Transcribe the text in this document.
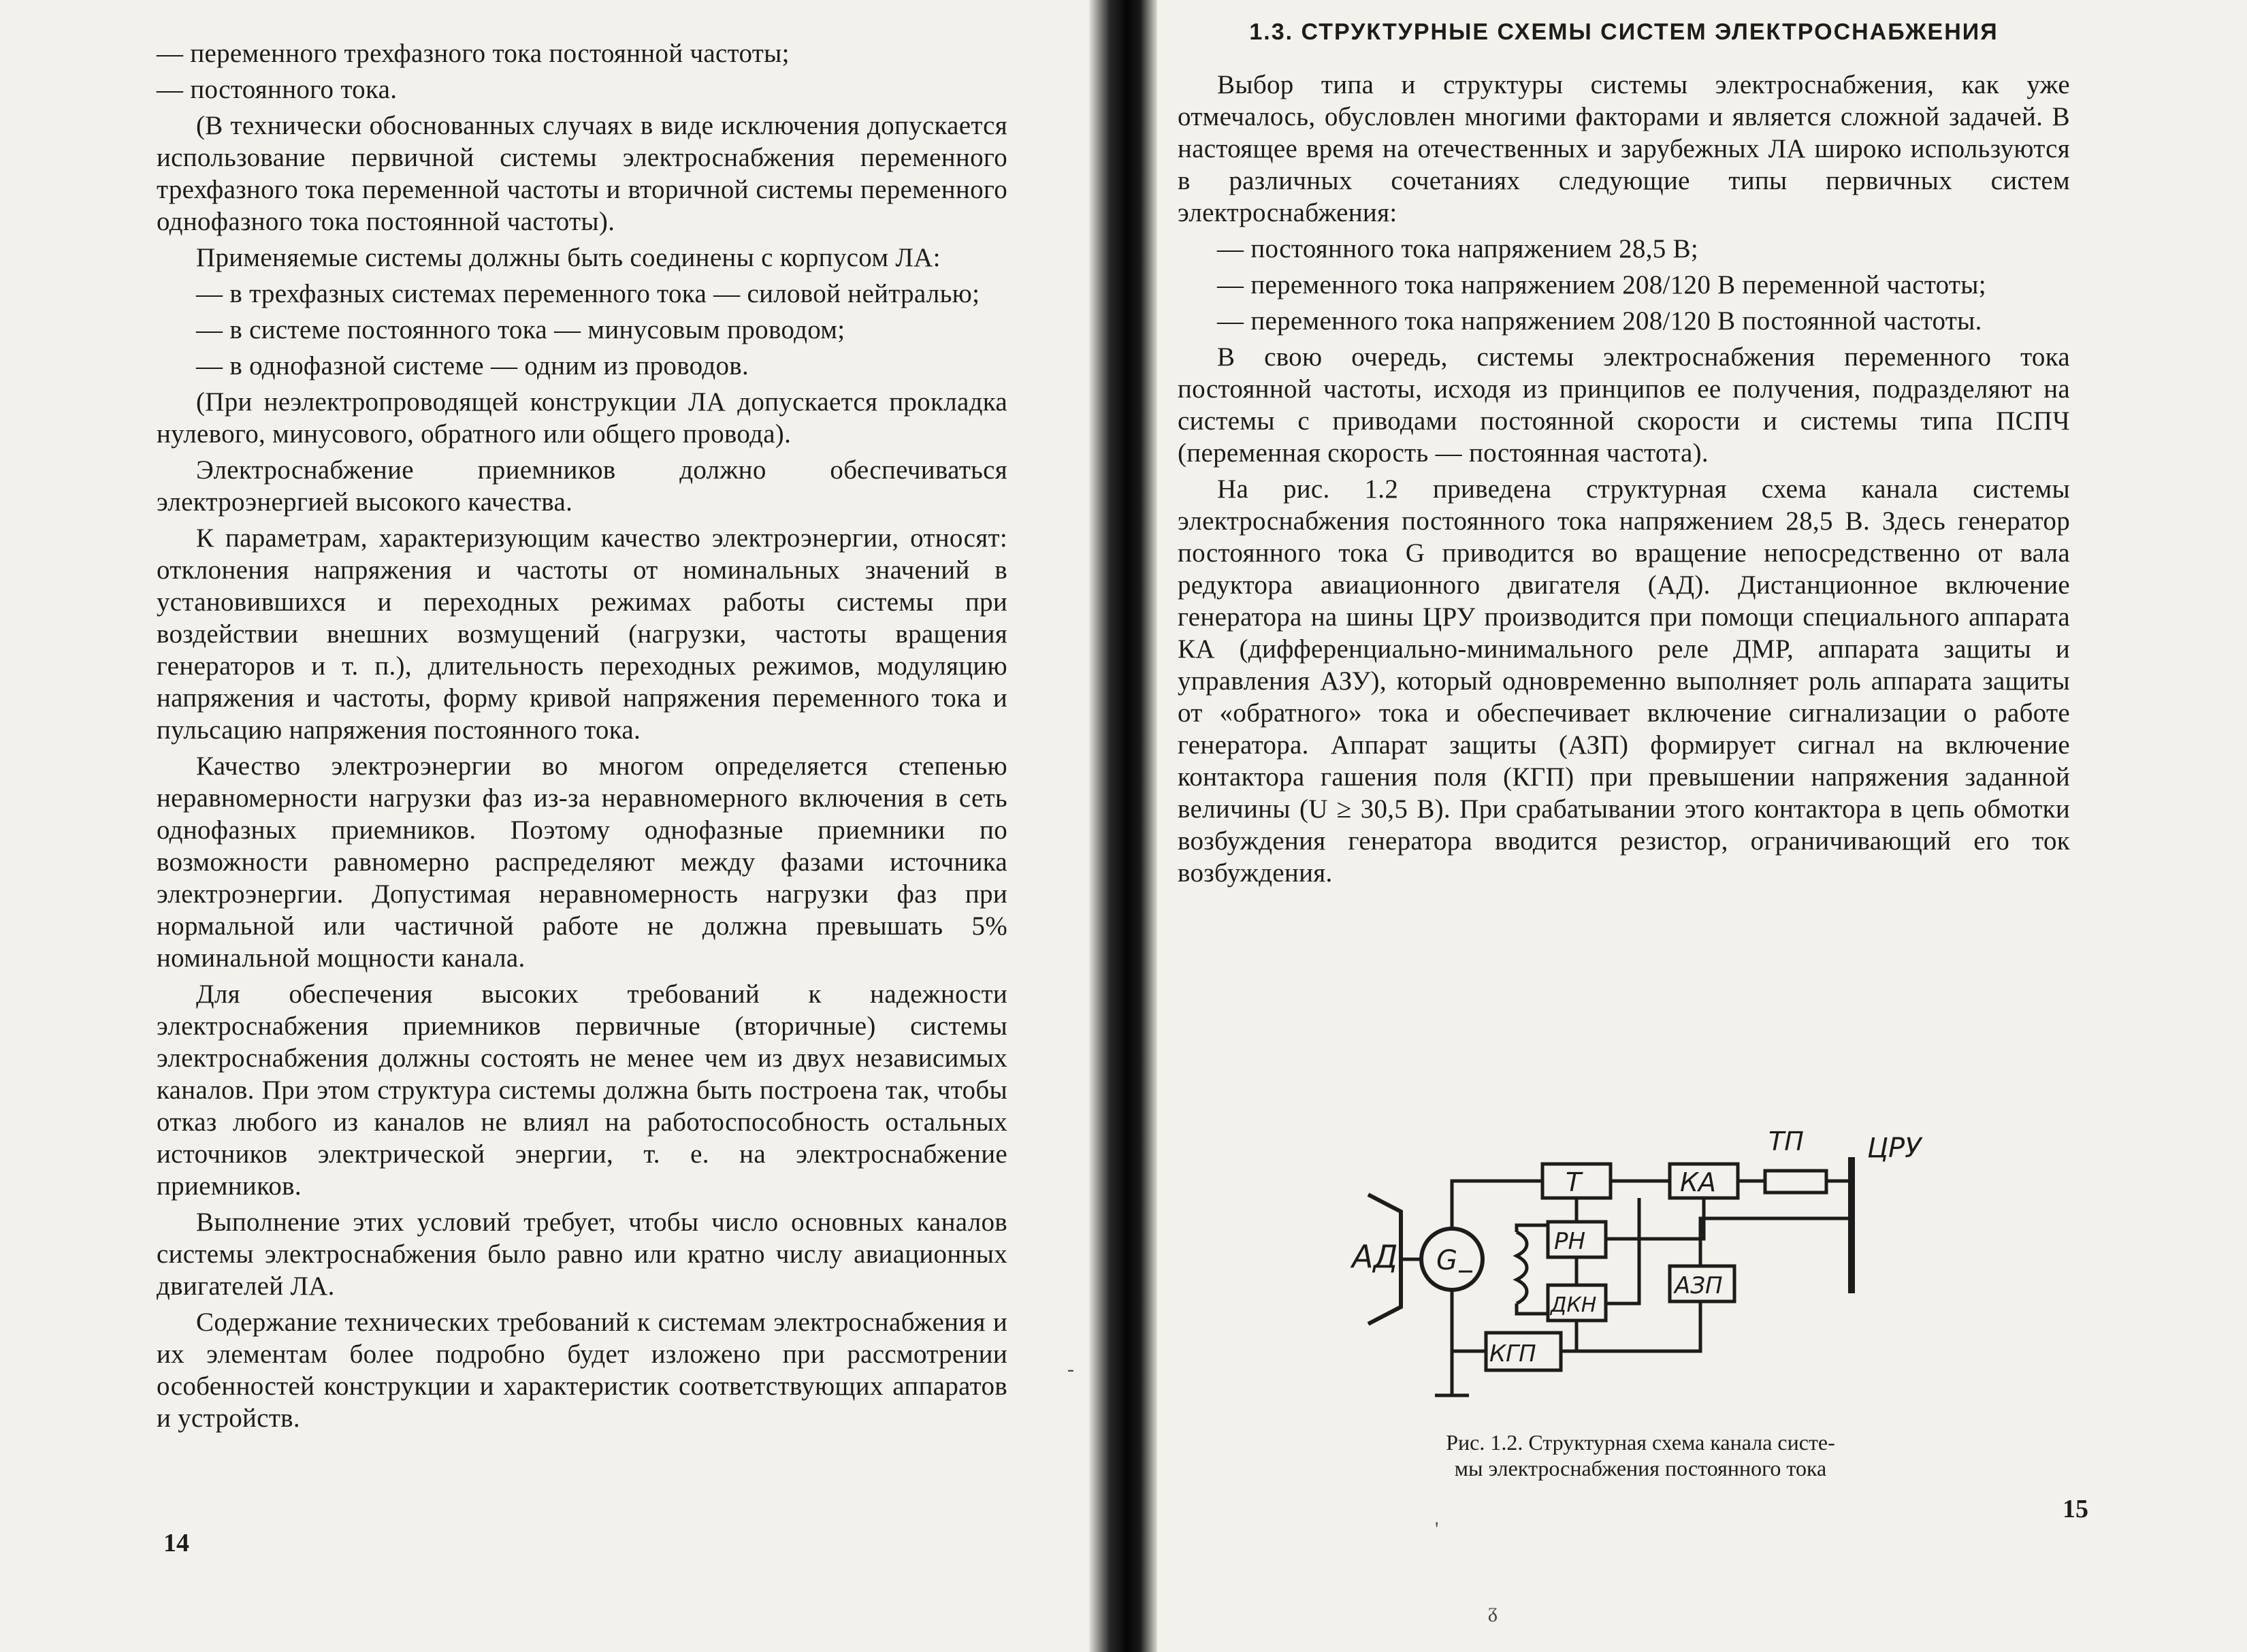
— переменного трехфазного тока постоянной частоты;

— постоянного тока.

(В технически обоснованных случаях в виде исключения допускается использование первичной системы электроснабжения переменного трехфазного тока переменной частоты и вторичной системы переменного однофазного тока постоянной частоты).

Применяемые системы должны быть соединены с корпусом ЛА:

— в трехфазных системах переменного тока — силовой нейтралью;

— в системе постоянного тока — минусовым проводом;

— в однофазной системе — одним из проводов.

(При неэлектропроводящей конструкции ЛА допускается прокладка нулевого, минусового, обратного или общего провода).

Электроснабжение приемников должно обеспечиваться электроэнергией высокого качества.

К параметрам, характеризующим качество электроэнергии, относят: отклонения напряжения и частоты от номинальных значений в установившихся и переходных режимах работы системы при воздействии внешних возмущений (нагрузки, частоты вращения генераторов и т. п.), длительность переходных режимов, модуляцию напряжения и частоты, форму кривой напряжения переменного тока и пульсацию напряжения постоянного тока.

Качество электроэнергии во многом определяется степенью неравномерности нагрузки фаз из-за неравномерного включения в сеть однофазных приемников. Поэтому однофазные приемники по возможности равномерно распределяют между фазами источника электроэнергии. Допустимая неравномерность нагрузки фаз при нормальной или частичной работе не должна превышать 5% номинальной мощности канала.

Для обеспечения высоких требований к надежности электроснабжения приемников первичные (вторичные) системы электроснабжения должны состоять не менее чем из двух независимых каналов. При этом структура системы должна быть построена так, чтобы отказ любого из каналов не влиял на работоспособность остальных источников электрической энергии, т. е. на электроснабжение приемников.

Выполнение этих условий требует, чтобы число основных каналов системы электроснабжения было равно или кратно числу авиационных двигателей ЛА.

Содержание технических требований к системам электроснабжения и их элементам более подробно будет изложено при рассмотрении особенностей конструкции и характеристик соответствующих аппаратов и устройств.

14
1.3. СТРУКТУРНЫЕ СХЕМЫ СИСТЕМ ЭЛЕКТРОСНАБЖЕНИЯ

Выбор типа и структуры системы электроснабжения, как уже отмечалось, обусловлен многими факторами и является сложной задачей. В настоящее время на отечественных и зарубежных ЛА широко используются в различных сочетаниях следующие типы первичных систем электроснабжения:

— постоянного тока напряжением 28,5 В;

— переменного тока напряжением 208/120 В переменной частоты;

— переменного тока напряжением 208/120 В постоянной частоты.

В свою очередь, системы электроснабжения переменного тока постоянной частоты, исходя из принципов ее получения, подразделяют на системы с приводами постоянной скорости и системы типа ПСПЧ (переменная скорость — постоянная частота).

На рис. 1.2 приведена структурная схема канала системы электроснабжения постоянного тока напряжением 28,5 В. Здесь генератор постоянного тока G приводится во вращение непосредственно от вала редуктора авиационного двигателя (АД). Дистанционное включение генератора на шины ЦРУ производится при помощи специального аппарата КА (дифференциально-минимального реле ДМР, аппарата защиты и управления АЗУ), который одновременно выполняет роль аппарата защиты от «обратного» тока и обеспечивает включение сигнализации о работе генератора. Аппарат защиты (АЗП) формирует сигнал на включение контактора гашения поля (КГП) при превышении напряжения заданной величины (U ≥ 30,5 В). При срабатывании этого контактора в цепь обмотки возбуждения генератора вводится резистор, ограничивающий его ток возбуждения.

АД G
Т	КА
ТП ЦРУ
РН
ДКН
КГП
АЗП
Рис. 1.2. Структурная схема канала систе-
мы электроснабжения постоянного тока
15
'
ᵹ
-
